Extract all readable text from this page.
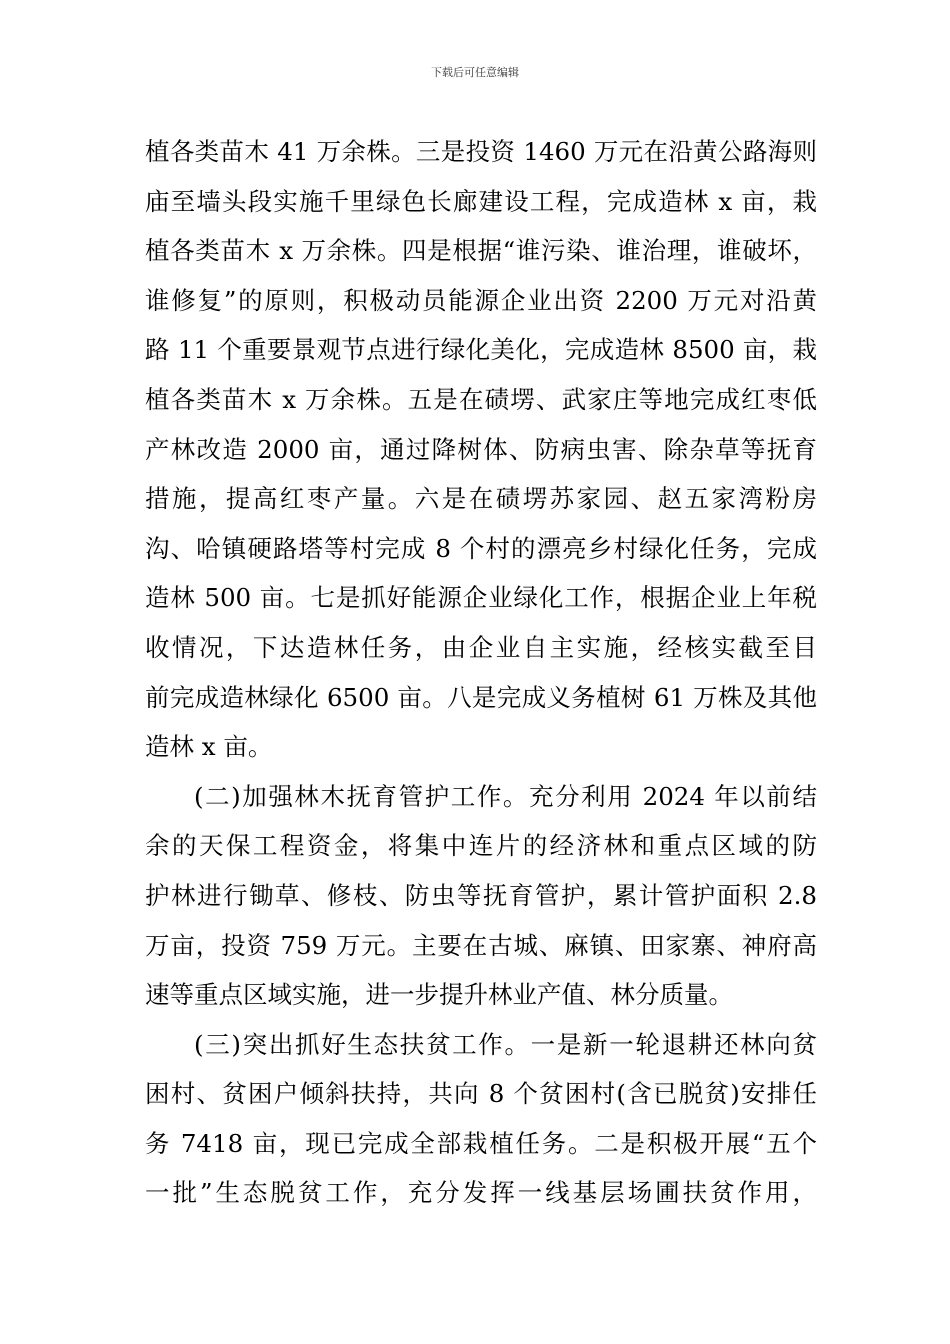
下载后可任意编辑
植各类苗木 41 万余株。三是投资 1460 万元在沿黄公路海则
庙至墙头段实施千里绿色长廊建设工程，完成造林 x 亩，栽
植各类苗木 x 万余株。四是根据“谁污染、谁治理，谁破坏，
谁修复”的原则，积极动员能源企业出资 2200 万元对沿黄
路 11 个重要景观节点进行绿化美化，完成造林 8500 亩，栽
植各类苗木 x 万余株。五是在碛塄、武家庄等地完成红枣低
产林改造 2000 亩，通过降树体、防病虫害、除杂草等抚育
措施，提高红枣产量。六是在碛塄苏家园、赵五家湾粉房
沟、哈镇硬路塔等村完成 8 个村的漂亮乡村绿化任务，完成
造林 500 亩。七是抓好能源企业绿化工作，根据企业上年税
收情况，下达造林任务，由企业自主实施，经核实截至目
前完成造林绿化 6500 亩。八是完成义务植树 61 万株及其他
造林 x 亩。
(二)加强林木抚育管护工作。充分利用 2024 年以前结
余的天保工程资金，将集中连片的经济林和重点区域的防
护林进行锄草、修枝、防虫等抚育管护，累计管护面积 2.8
万亩，投资 759 万元。主要在古城、麻镇、田家寨、神府高
速等重点区域实施，进一步提升林业产值、林分质量。
(三)突出抓好生态扶贫工作。一是新一轮退耕还林向贫
困村、贫困户倾斜扶持，共向 8 个贫困村(含已脱贫)安排任
务 7418 亩，现已完成全部栽植任务。二是积极开展“五个
一批”生态脱贫工作，充分发挥一线基层场圃扶贫作用，
